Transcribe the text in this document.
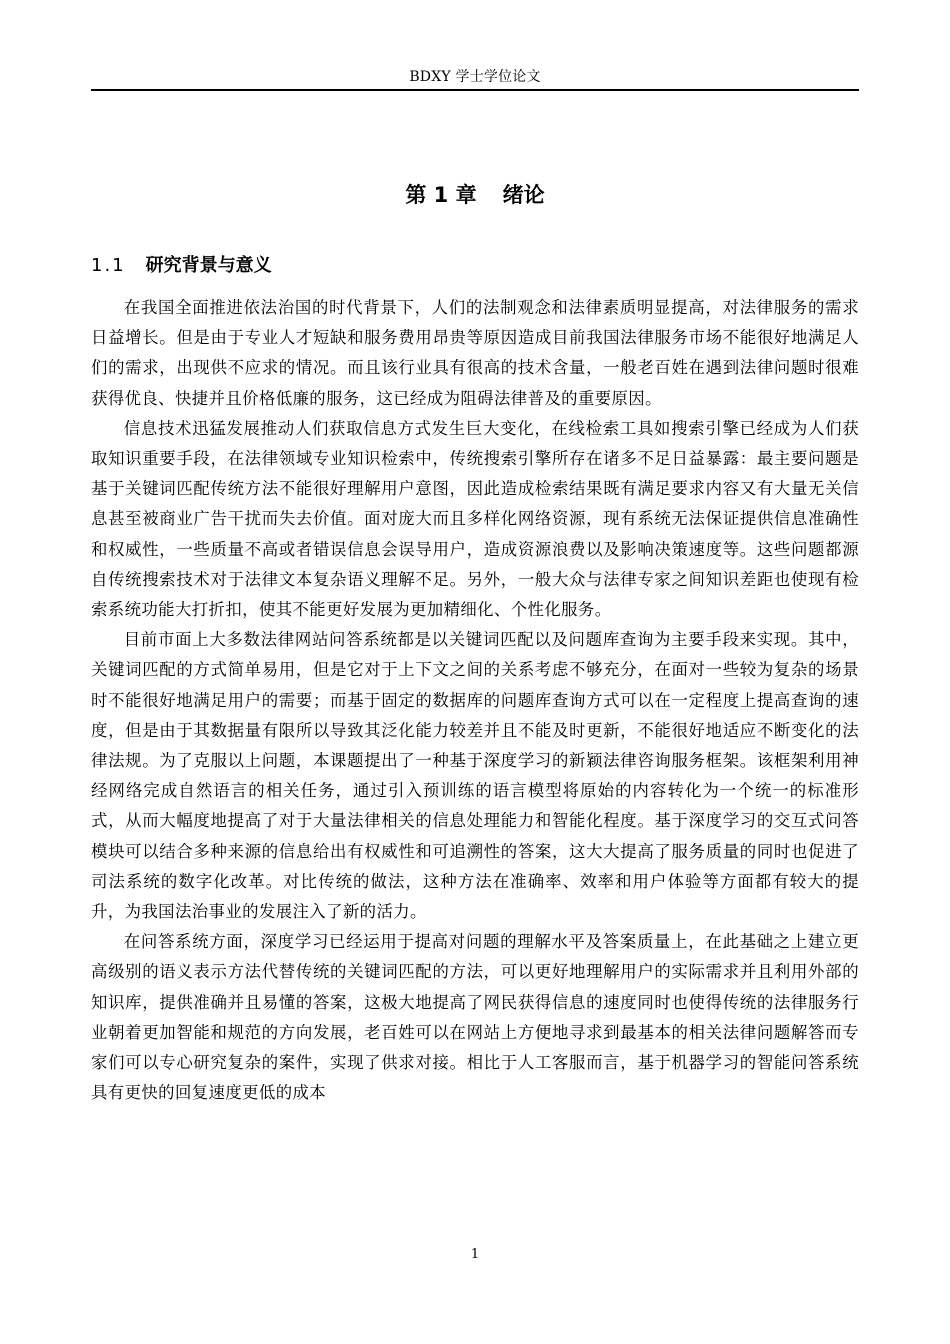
BDXY 学士学位论文
第 1 章 绪论
1.1 研究背景与意义

在我国全面推进依法治国的时代背景下，人们的法制观念和法律素质明显提高，对法律服务的需求日益增长。但是由于专业人才短缺和服务费用昂贵等原因造成目前我国法律服务市场不能很好地满足人们的需求，出现供不应求的情况。而且该行业具有很高的技术含量，一般老百姓在遇到法律问题时很难获得优良、快捷并且价格低廉的服务，这已经成为阻碍法律普及的重要原因。

信息技术迅猛发展推动人们获取信息方式发生巨大变化，在线检索工具如搜索引擎已经成为人们获取知识重要手段，在法律领域专业知识检索中，传统搜索引擎所存在诸多不足日益暴露：最主要问题是基于关键词匹配传统方法不能很好理解用户意图，因此造成检索结果既有满足要求内容又有大量无关信息甚至被商业广告干扰而失去价值。面对庞大而且多样化网络资源，现有系统无法保证提供信息准确性和权威性，一些质量不高或者错误信息会误导用户，造成资源浪费以及影响决策速度等。这些问题都源自传统搜索技术对于法律文本复杂语义理解不足。另外，一般大众与法律专家之间知识差距也使现有检索系统功能大打折扣，使其不能更好发展为更加精细化、个性化服务。

目前市面上大多数法律网站问答系统都是以关键词匹配以及问题库查询为主要手段来实现。其中，关键词匹配的方式简单易用，但是它对于上下文之间的关系考虑不够充分，在面对一些较为复杂的场景时不能很好地满足用户的需要；而基于固定的数据库的问题库查询方式可以在一定程度上提高查询的速度，但是由于其数据量有限所以导致其泛化能力较差并且不能及时更新，不能很好地适应不断变化的法律法规。为了克服以上问题，本课题提出了一种基于深度学习的新颖法律咨询服务框架。该框架利用神经网络完成自然语言的相关任务，通过引入预训练的语言模型将原始的内容转化为一个统一的标准形式，从而大幅度地提高了对于大量法律相关的信息处理能力和智能化程度。基于深度学习的交互式问答模块可以结合多种来源的信息给出有权威性和可追溯性的答案，这大大提高了服务质量的同时也促进了司法系统的数字化改革。对比传统的做法，这种方法在准确率、效率和用户体验等方面都有较大的提升，为我国法治事业的发展注入了新的活力。

在问答系统方面，深度学习已经运用于提高对问题的理解水平及答案质量上，在此基础之上建立更高级别的语义表示方法代替传统的关键词匹配的方法，可以更好地理解用户的实际需求并且利用外部的知识库，提供准确并且易懂的答案，这极大地提高了网民获得信息的速度同时也使得传统的法律服务行业朝着更加智能和规范的方向发展，老百姓可以在网站上方便地寻求到最基本的相关法律问题解答而专家们可以专心研究复杂的案件，实现了供求对接。相比于人工客服而言，基于机器学习的智能问答系统具有更快的回复速度更低的成本

1
